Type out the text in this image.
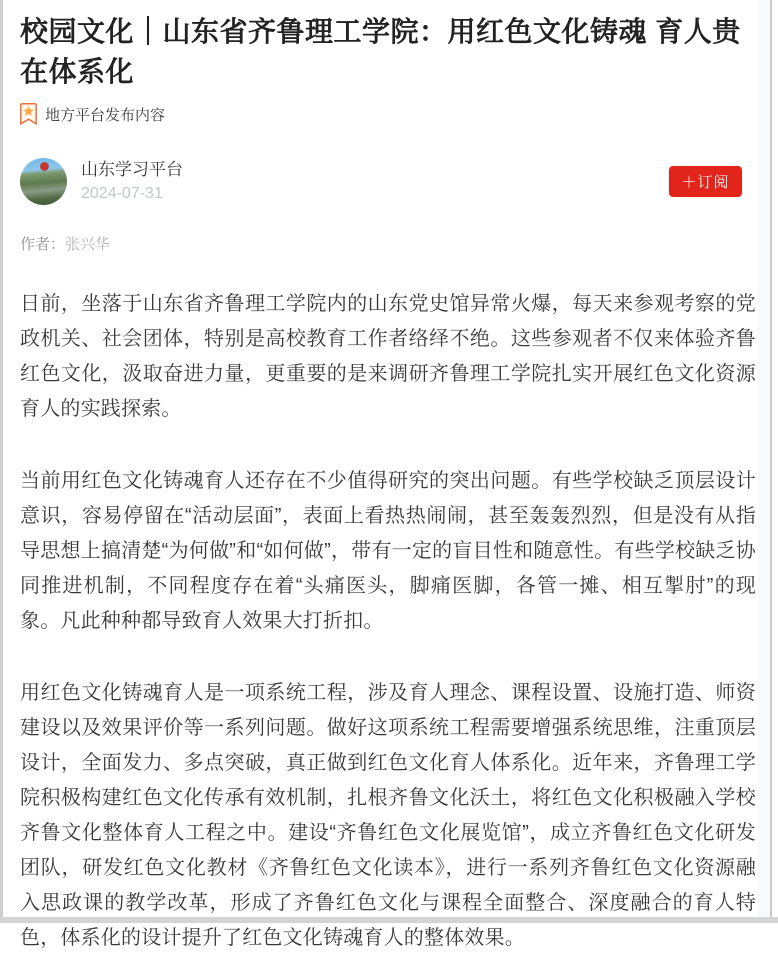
校园文化｜山东省齐鲁理工学院：用红色文化铸魂 育人贵在体系化
地方平台发布内容
山东学习平台
2024-07-31
＋订阅
作者：张兴华

日前，坐落于山东省齐鲁理工学院内的山东党史馆异常火爆，每天来参观考察的党政机关、社会团体，特别是高校教育工作者络绎不绝。这些参观者不仅来体验齐鲁红色文化，汲取奋进力量，更重要的是来调研齐鲁理工学院扎实开展红色文化资源育人的实践探索。

当前用红色文化铸魂育人还存在不少值得研究的突出问题。有些学校缺乏顶层设计意识，容易停留在“活动层面”，表面上看热热闹闹，甚至轰轰烈烈，但是没有从指导思想上搞清楚“为何做”和“如何做”，带有一定的盲目性和随意性。有些学校缺乏协同推进机制，不同程度存在着“头痛医头，脚痛医脚，各管一摊、相互掣肘”的现象。凡此种种都导致育人效果大打折扣。

用红色文化铸魂育人是一项系统工程，涉及育人理念、课程设置、设施打造、师资建设以及效果评价等一系列问题。做好这项系统工程需要增强系统思维，注重顶层设计，全面发力、多点突破，真正做到红色文化育人体系化。近年来，齐鲁理工学院积极构建红色文化传承有效机制，扎根齐鲁文化沃土，将红色文化积极融入学校齐鲁文化整体育人工程之中。建设“齐鲁红色文化展览馆”，成立齐鲁红色文化研发团队，研发红色文化教材《齐鲁红色文化读本》，进行一系列齐鲁红色文化资源融入思政课的教学改革，形成了齐鲁红色文化与课程全面整合、深度融合的育人特色，体系化的设计提升了红色文化铸魂育人的整体效果。
